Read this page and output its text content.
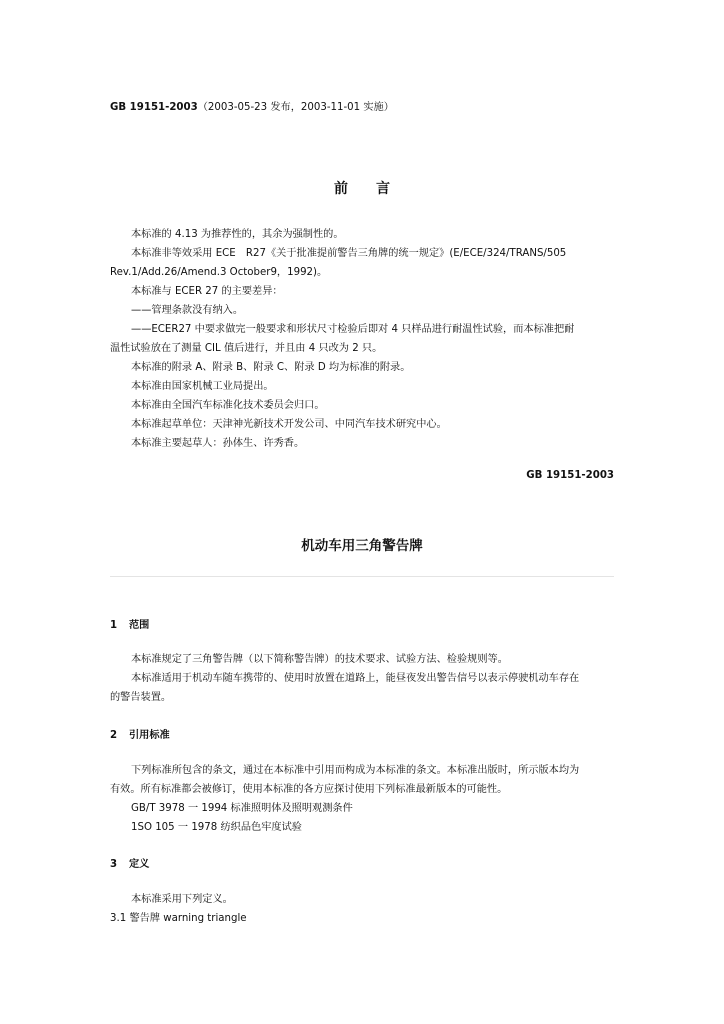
GB 19151-2003（2003-05-23 发布，2003-11-01 实施）
前　　言
本标准的 4.13 为推荐性的，其余为强制性的。
本标准非等效采用 ECE　R27《关于批准提前警告三角牌的统一规定》(E/ECE/324/TRANS/505
Rev.1/Add.26/Amend.3 October9，1992)。
本标准与 ECER 27 的主要差异：
——管理条款没有纳入。
——ECER27 中要求做完一般要求和形状尺寸检验后即对 4 只样品进行耐温性试验，而本标准把耐
温性试验放在了测量 CIL 值后进行，并且由 4 只改为 2 只。
本标准的附录 A、附录 B、附录 C、附录 D 均为标准的附录。
本标准由国家机械工业局提出。
本标准由全国汽车标准化技术委员会归口。
本标准起草单位：天津神光新技术开发公司、中同汽车技术研究中心。
本标准主要起草人：孙体生、许秀香。
GB 19151-2003
机动车用三角警告牌
1 范围
本标准规定了三角警告牌（以下简称警告牌）的技术要求、试验方法、检验规则等。
本标准适用于机动车随车携带的、使用时放置在道路上，能昼夜发出警告信号以表示停驶机动车存在
的警告装置。
2 引用标准
下列标准所包含的条文，通过在本标准中引用而构成为本标准的条文。本标准出版时，所示版本均为
有效。所有标准都会被修订，使用本标准的各方应探讨使用下列标准最新版本的可能性。
GB/T 3978 一 1994 标准照明体及照明观测条件
1SO 105 一 1978 纺织品色牢度试验
3 定义
本标准采用下列定义。
3.1 警告牌 warning triangle
